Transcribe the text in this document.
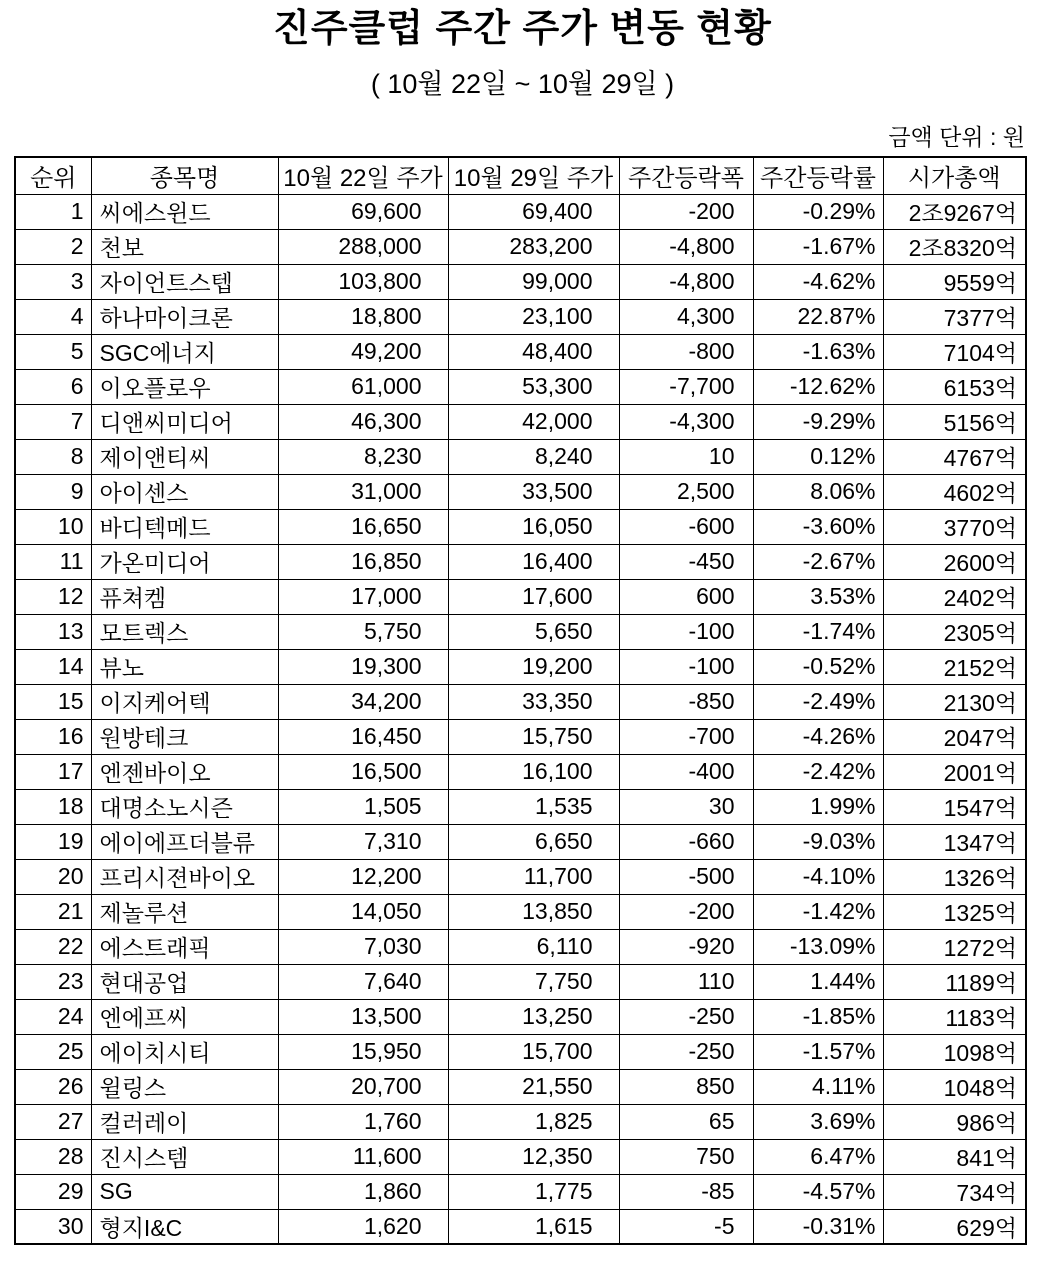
진주클럽 주간 주가 변동 현황
( 10월 22일 ~ 10월 29일 )
금액 단위 : 원
순위	종목명	10월 22일 주가	10월 29일 주가	주간등락폭	주간등락률	시가총액
1	씨에스윈드	69,600	69,400	-200	-0.29%	2조9267억
2	천보	288,000	283,200	-4,800	-1.67%	2조8320억
3	자이언트스텝	103,800	99,000	-4,800	-4.62%	9559억
4	하나마이크론	18,800	23,100	4,300	22.87%	7377억
5	SGC에너지	49,200	48,400	-800	-1.63%	7104억
6	이오플로우	61,000	53,300	-7,700	-12.62%	6153억
7	디앤씨미디어	46,300	42,000	-4,300	-9.29%	5156억
8	제이앤티씨	8,230	8,240	10	0.12%	4767억
9	아이센스	31,000	33,500	2,500	8.06%	4602억
10	바디텍메드	16,650	16,050	-600	-3.60%	3770억
11	가온미디어	16,850	16,400	-450	-2.67%	2600억
12	퓨쳐켐	17,000	17,600	600	3.53%	2402억
13	모트렉스	5,750	5,650	-100	-1.74%	2305억
14	뷰노	19,300	19,200	-100	-0.52%	2152억
15	이지케어텍	34,200	33,350	-850	-2.49%	2130억
16	원방테크	16,450	15,750	-700	-4.26%	2047억
17	엔젠바이오	16,500	16,100	-400	-2.42%	2001억
18	대명소노시즌	1,505	1,535	30	1.99%	1547억
19	에이에프더블류	7,310	6,650	-660	-9.03%	1347억
20	프리시젼바이오	12,200	11,700	-500	-4.10%	1326억
21	제놀루션	14,050	13,850	-200	-1.42%	1325억
22	에스트래픽	7,030	6,110	-920	-13.09%	1272억
23	현대공업	7,640	7,750	110	1.44%	1189억
24	엔에프씨	13,500	13,250	-250	-1.85%	1183억
25	에이치시티	15,950	15,700	-250	-1.57%	1098억
26	윌링스	20,700	21,550	850	4.11%	1048억
27	컬러레이	1,760	1,825	65	3.69%	986억
28	진시스템	11,600	12,350	750	6.47%	841억
29	SG	1,860	1,775	-85	-4.57%	734억
30	형지I&C	1,620	1,615	-5	-0.31%	629억
